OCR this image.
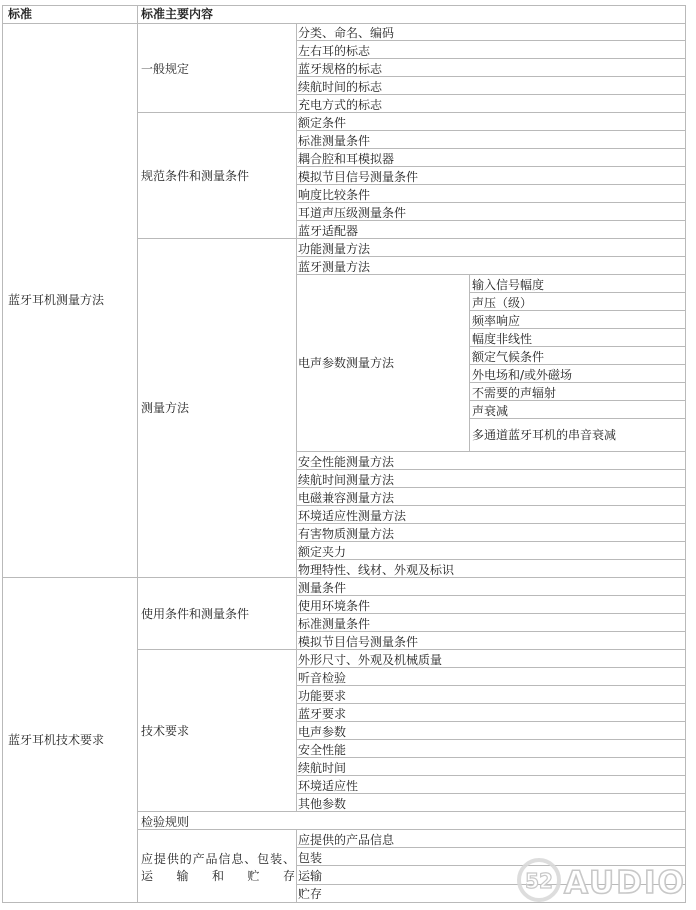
标准	标准主要内容
蓝牙耳机测量方法
一般规定
分类、命名、编码
左右耳的标志
蓝牙规格的标志
续航时间的标志
充电方式的标志
规范条件和测量条件
额定条件
标准测量条件
耦合腔和耳模拟器
模拟节目信号测量条件
响度比较条件
耳道声压级测量条件
蓝牙适配器
测量方法
功能测量方法
蓝牙测量方法
电声参数测量方法
输入信号幅度
声压（级）
频率响应
幅度非线性
额定气候条件
外电场和/或外磁场
不需要的声辐射
声衰减
多通道蓝牙耳机的串音衰减
安全性能测量方法
续航时间测量方法
电磁兼容测量方法
环境适应性测量方法
有害物质测量方法
额定夹力
物理特性、线材、外观及标识
蓝牙耳机技术要求
使用条件和测量条件
测量条件
使用环境条件
标准测量条件
模拟节目信号测量条件
技术要求
外形尺寸、外观及机械质量
听音检验
功能要求
蓝牙要求
电声参数
安全性能
续航时间
环境适应性
其他参数
检验规则
应提供的产品信息、包装、运输和贮存
应提供的产品信息
包装
运输
贮存
52 AUDIO
